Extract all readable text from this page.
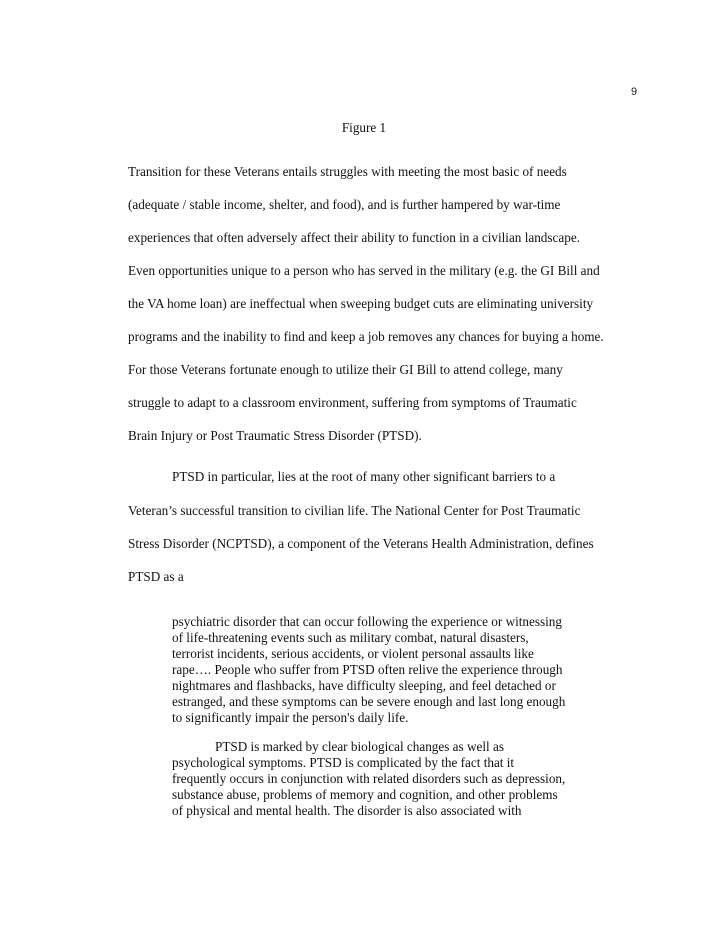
9
Figure 1
Transition for these Veterans entails struggles with meeting the most basic of needs
(adequate / stable income, shelter, and food), and is further hampered by war-time
experiences that often adversely affect their ability to function in a civilian landscape.
Even opportunities unique to a person who has served in the military (e.g. the GI Bill and
the VA home loan) are ineffectual when sweeping budget cuts are eliminating university
programs and the inability to find and keep a job removes any chances for buying a home.
For those Veterans fortunate enough to utilize their GI Bill to attend college, many
struggle to adapt to a classroom environment, suffering from symptoms of Traumatic
Brain Injury or Post Traumatic Stress Disorder (PTSD).
PTSD in particular, lies at the root of many other significant barriers to a
Veteran’s successful transition to civilian life. The National Center for Post Traumatic
Stress Disorder (NCPTSD), a component of the Veterans Health Administration, defines
PTSD as a
psychiatric disorder that can occur following the experience or witnessing
of life-threatening events such as military combat, natural disasters,
terrorist incidents, serious accidents, or violent personal assaults like
rape…. People who suffer from PTSD often relive the experience through
nightmares and flashbacks, have difficulty sleeping, and feel detached or
estranged, and these symptoms can be severe enough and last long enough
to significantly impair the person's daily life.
PTSD is marked by clear biological changes as well as
psychological symptoms. PTSD is complicated by the fact that it
frequently occurs in conjunction with related disorders such as depression,
substance abuse, problems of memory and cognition, and other problems
of physical and mental health. The disorder is also associated with
